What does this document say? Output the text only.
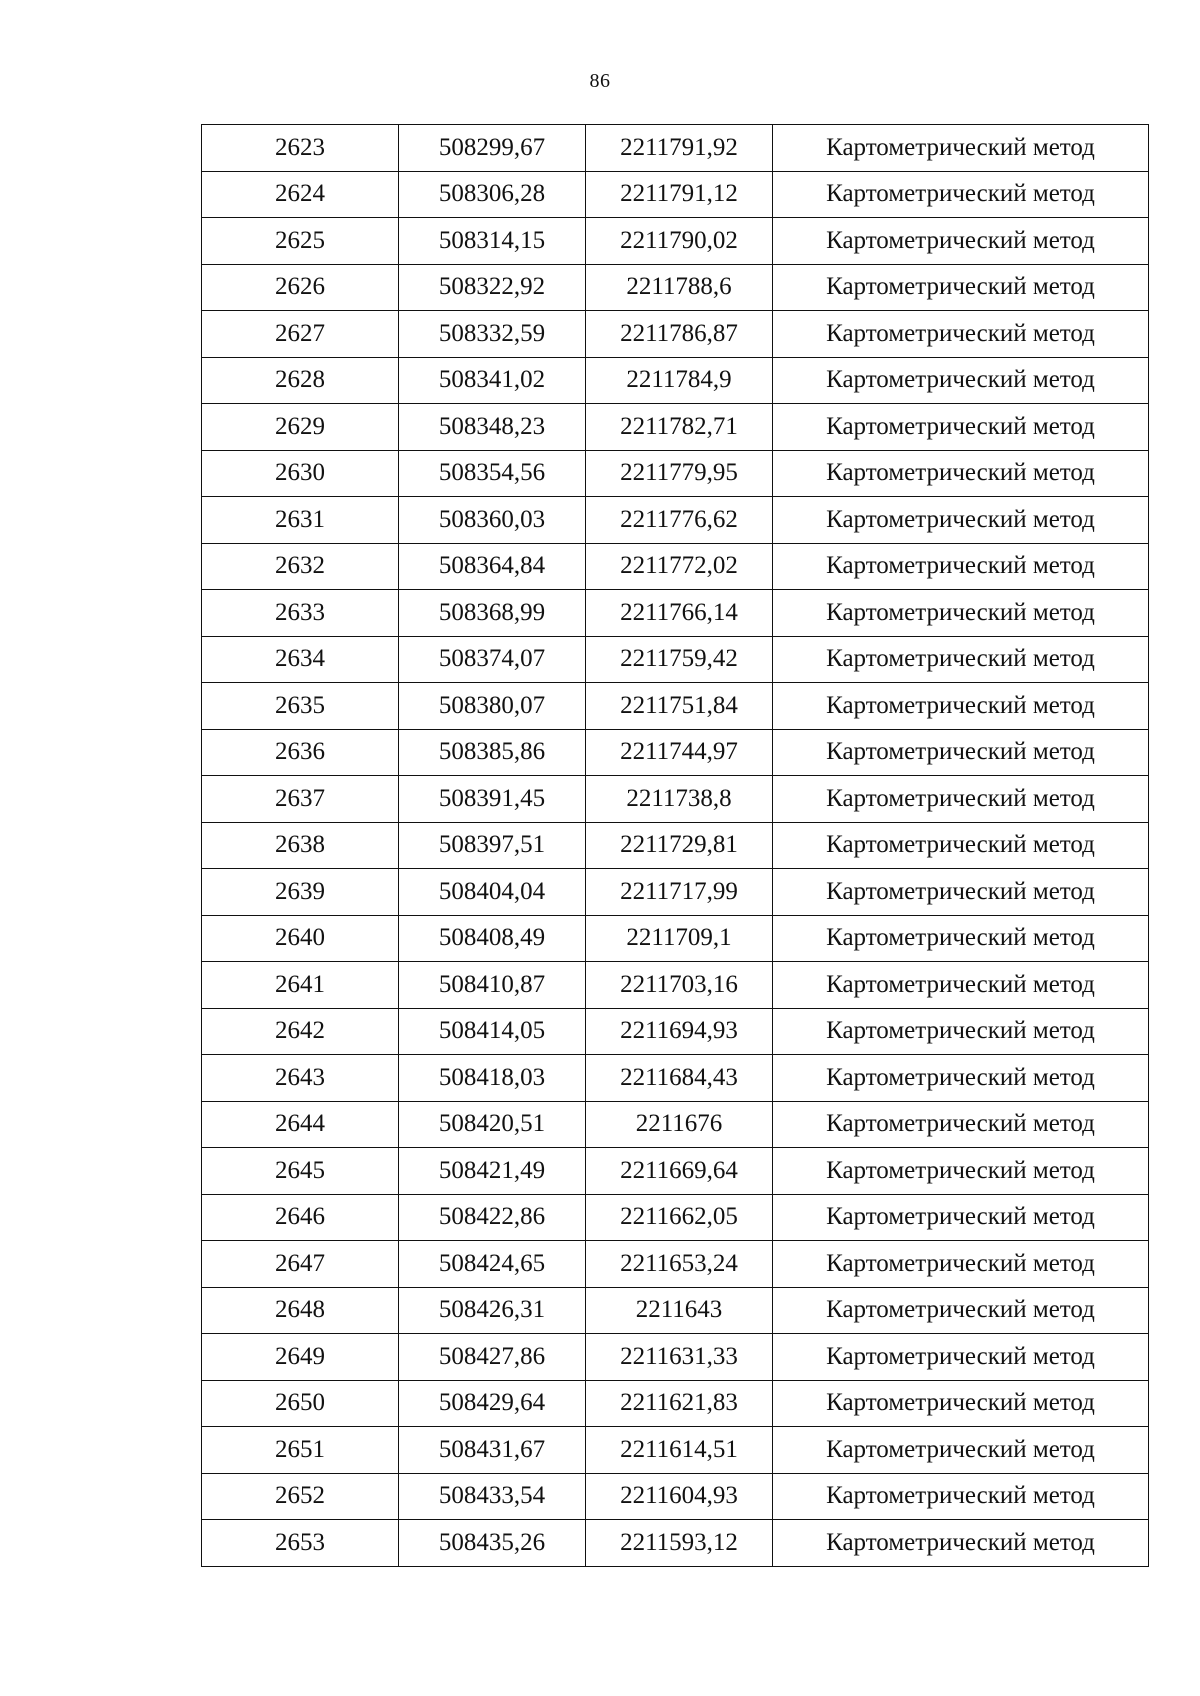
86
2623	508299,67	2211791,92	Картометрический метод
2624	508306,28	2211791,12	Картометрический метод
2625	508314,15	2211790,02	Картометрический метод
2626	508322,92	2211788,6	Картометрический метод
2627	508332,59	2211786,87	Картометрический метод
2628	508341,02	2211784,9	Картометрический метод
2629	508348,23	2211782,71	Картометрический метод
2630	508354,56	2211779,95	Картометрический метод
2631	508360,03	2211776,62	Картометрический метод
2632	508364,84	2211772,02	Картометрический метод
2633	508368,99	2211766,14	Картометрический метод
2634	508374,07	2211759,42	Картометрический метод
2635	508380,07	2211751,84	Картометрический метод
2636	508385,86	2211744,97	Картометрический метод
2637	508391,45	2211738,8	Картометрический метод
2638	508397,51	2211729,81	Картометрический метод
2639	508404,04	2211717,99	Картометрический метод
2640	508408,49	2211709,1	Картометрический метод
2641	508410,87	2211703,16	Картометрический метод
2642	508414,05	2211694,93	Картометрический метод
2643	508418,03	2211684,43	Картометрический метод
2644	508420,51	2211676	Картометрический метод
2645	508421,49	2211669,64	Картометрический метод
2646	508422,86	2211662,05	Картометрический метод
2647	508424,65	2211653,24	Картометрический метод
2648	508426,31	2211643	Картометрический метод
2649	508427,86	2211631,33	Картометрический метод
2650	508429,64	2211621,83	Картометрический метод
2651	508431,67	2211614,51	Картометрический метод
2652	508433,54	2211604,93	Картометрический метод
2653	508435,26	2211593,12	Картометрический метод
